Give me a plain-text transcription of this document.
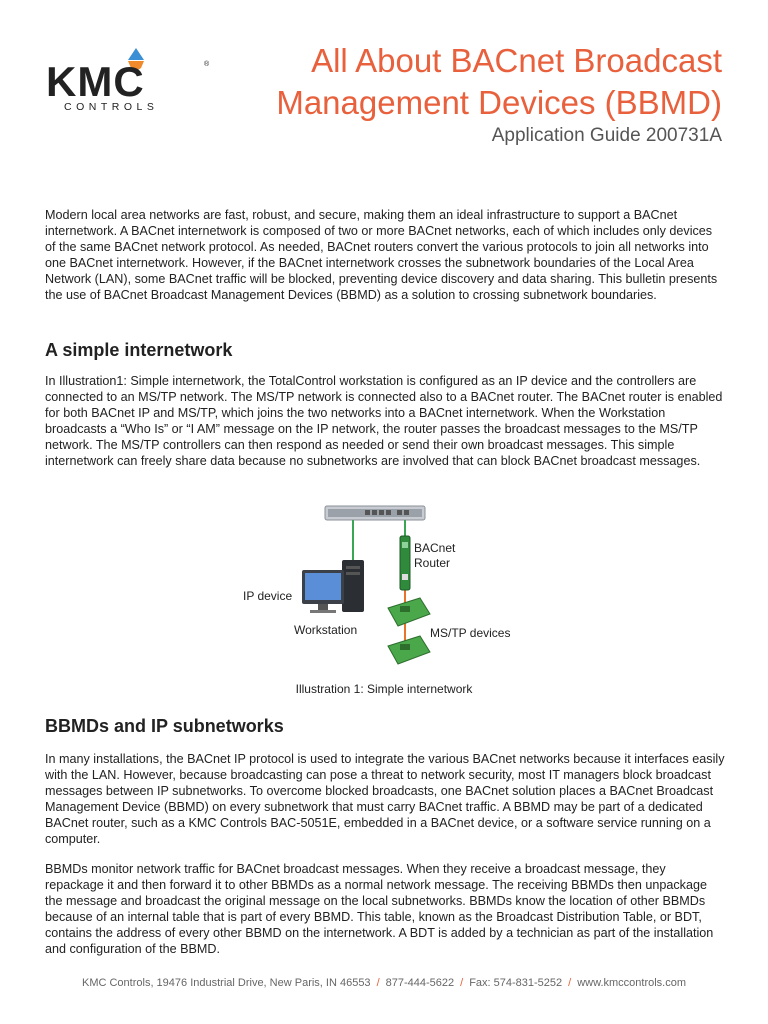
KMC	®
CONTROLS
All About BACnet Broadcast
Management Devices (BBMD)
Application Guide 200731A

Modern local area networks are fast, robust, and secure, making them an ideal infrastructure to support a BACnet internetwork. A BACnet internetwork is composed of two or more BACnet networks, each of which includes only devices of the same BACnet network protocol. As needed, BACnet routers convert the various protocols to join all networks into one BACnet internetwork. However, if the BACnet internetwork crosses the subnetwork boundaries of the Local Area Network (LAN), some BACnet traffic will be blocked, preventing device discovery and data sharing. This bulletin presents the use of BACnet Broadcast Management Devices (BBMD) as a solution to crossing subnetwork boundaries.

A simple internetwork

In Illustration1: Simple internetwork, the TotalControl workstation is configured as an IP device and the controllers are connected to an MS/TP network. The MS/TP network is connected also to a BACnet router. The BACnet router is enabled for both BACnet IP and MS/TP, which joins the two networks into a BACnet internetwork. When the Workstation broadcasts a “Who Is” or “I AM” message on the IP network, the router passes the broadcast messages to the MS/TP network. The MS/TP controllers can then respond as needed or send their own broadcast messages. This simple internetwork can freely share data because no subnetworks are involved that can block BACnet broadcast messages.

BACnet
Router
IP device
Workstation	MS/TP devices
Illustration 1: Simple internetwork
BBMDs and IP subnetworks

In many installations, the BACnet IP protocol is used to integrate the various BACnet networks because it interfaces easily with the LAN. However, because broadcasting can pose a threat to network security, most IT managers block broadcast messages between IP subnetworks. To overcome blocked broadcasts, one BACnet solution places a BACnet Broadcast Management Device (BBMD) on every subnetwork that must carry BACnet traffic. A BBMD may be part of a dedicated BACnet router, such as a KMC Controls BAC-5051E, embedded in a BACnet device, or a software service running on a computer.

BBMDs monitor network traffic for BACnet broadcast messages. When they receive a broadcast message, they repackage it and then forward it to other BBMDs as a normal network message. The receiving BBMDs then unpackage the message and broadcast the original message on the local subnetworks. BBMDs know the location of other BBMDs because of an internal table that is part of every BBMD. This table, known as the Broadcast Distribution Table, or BDT, contains the address of every other BBMD on the internetwork. A BDT is added by a technician as part of the installation and configuration of the BBMD.

KMC Controls, 19476 Industrial Drive, New Paris, IN 46553 / 877-444-5622 / Fax: 574-831-5252 / www.kmccontrols.com
